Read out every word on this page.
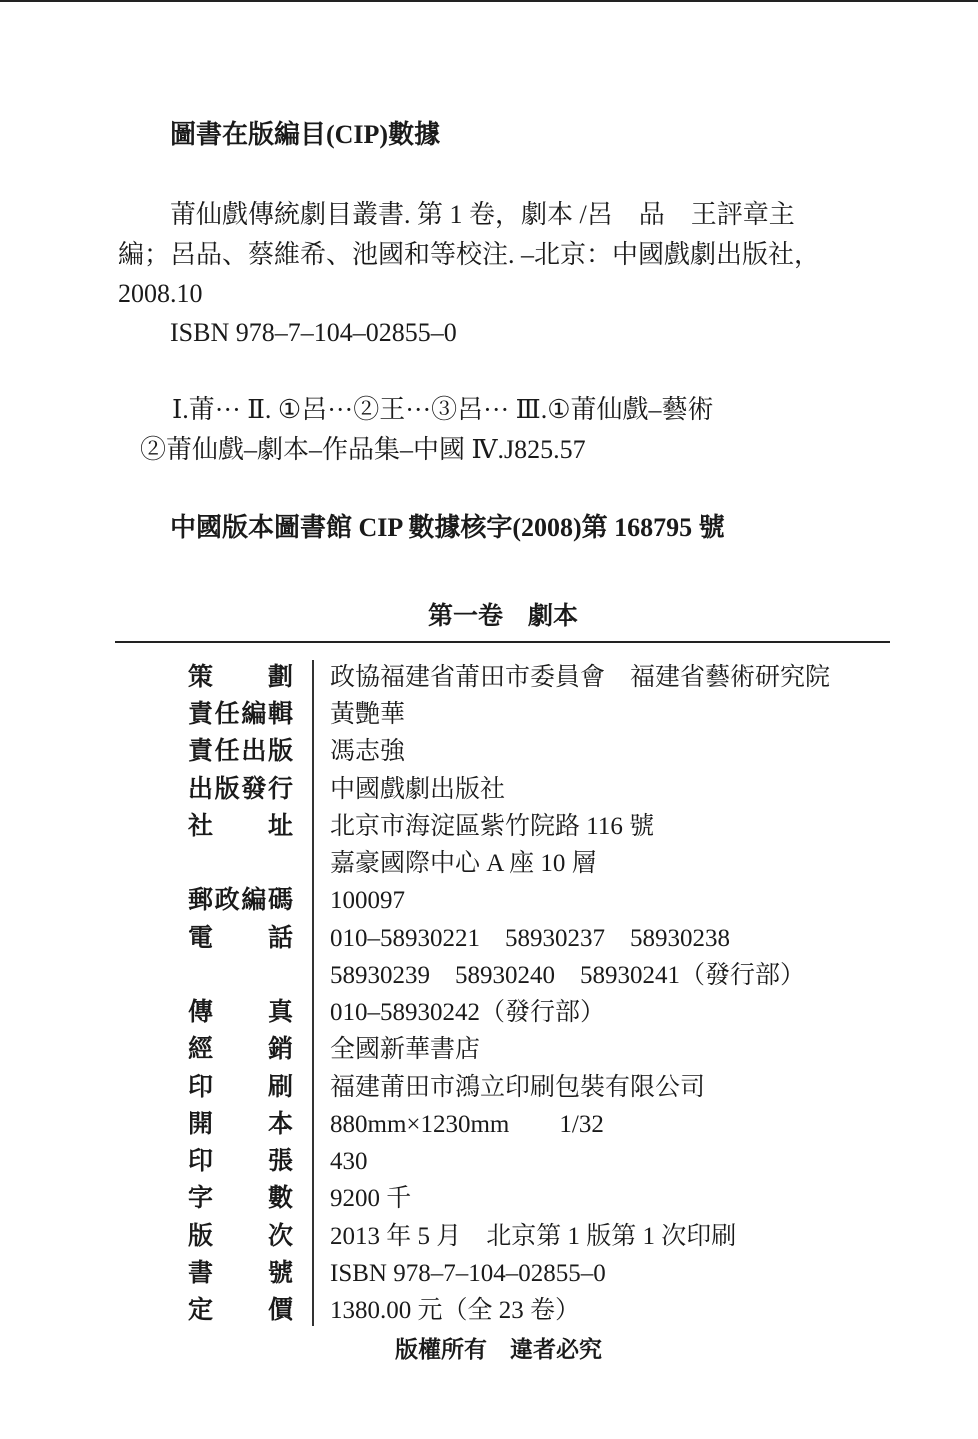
圖書在版編目(CIP)數據
莆仙戲傳統劇目叢書. 第 1 卷，劇本 /呂　品　王評章主
編；呂品、蔡維希、池國和等校注. –北京：中國戲劇出版社，
2008.10
ISBN 978–7–104–02855–0
Ⅰ.莆··· Ⅱ. ①呂···②王···③呂··· Ⅲ.①莆仙戲–藝術
②莆仙戲–劇本–作品集–中國 Ⅳ.J825.57
中國版本圖書館 CIP 數據核字(2008)第 168795 號
第一卷　劇本
策　劃 政協福建省莆田市委員會　福建省藝術研究院
責任編輯 黃艷華
責任出版 馮志強
出版發行 中國戲劇出版社
社　址 北京市海淀區紫竹院路 116 號
嘉豪國際中心 A 座 10 層
郵政編碼 100097
電　話 010–58930221　58930237　58930238
58930239　58930240　58930241（發行部）
傳　真 010–58930242（發行部）
經　銷 全國新華書店
印　刷 福建莆田市鴻立印刷包裝有限公司
開　本 880mm×1230mm　　1/32
印　張 430
字　數 9200 千
版　次 2013 年 5 月　北京第 1 版第 1 次印刷
書　號 ISBN 978–7–104–02855–0
定　價 1380.00 元（全 23 卷）
版權所有　違者必究
